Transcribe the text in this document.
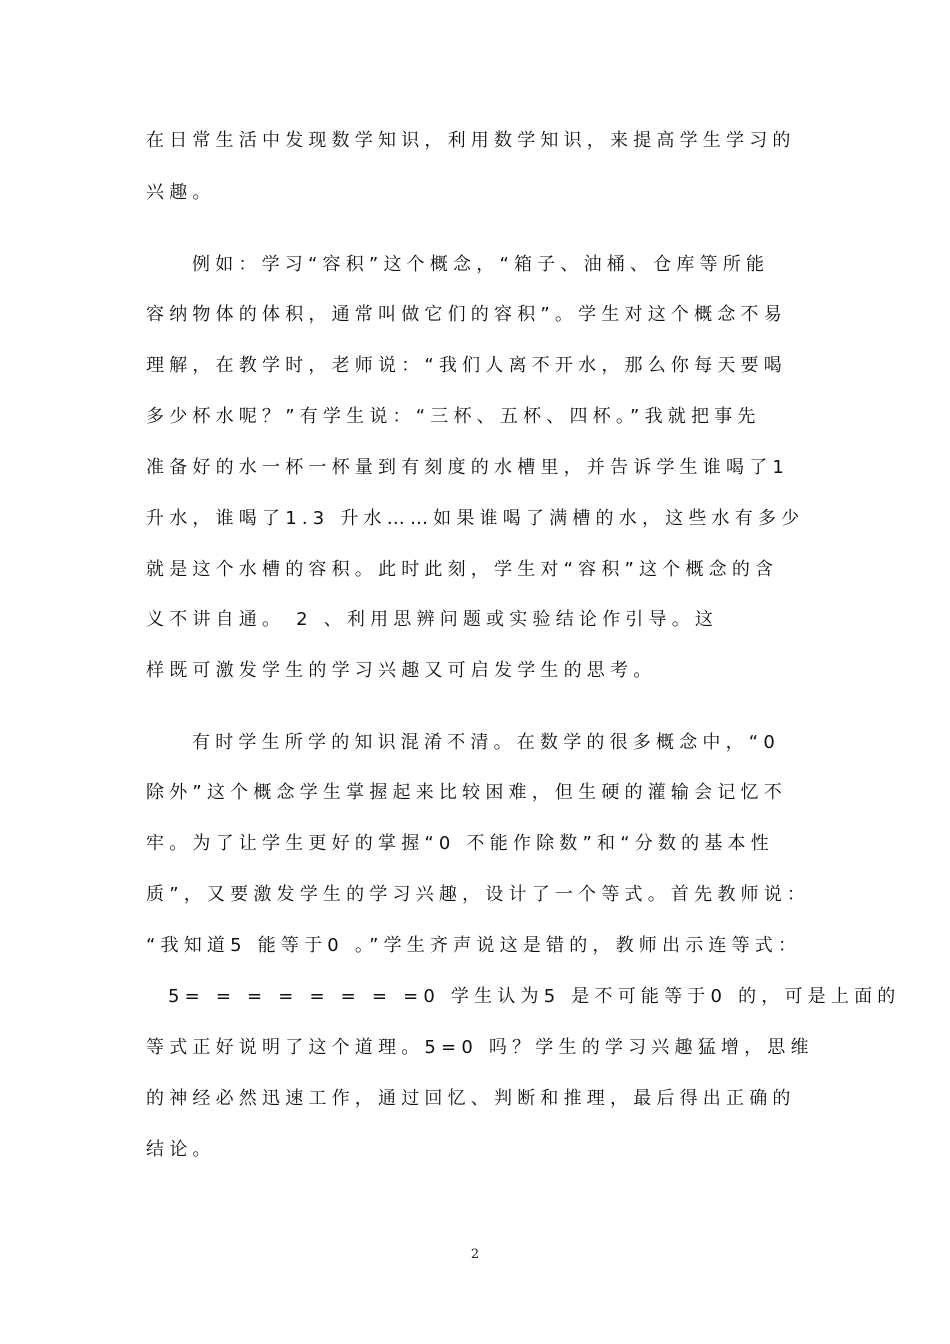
在日常生活中发现数学知识，利用数学知识，来提高学生学习的
兴趣。
例如：学习“容积”这个概念，“箱子、油桶、仓库等所能
容纳物体的体积，通常叫做它们的容积”。学生对这个概念不易
理解，在教学时，老师说：“我们人离不开水，那么你每天要喝
多少杯水呢？”有学生说：“三杯、五杯、四杯。”我就把事先
准备好的水一杯一杯量到有刻度的水槽里，并告诉学生谁喝了1
升水，谁喝了1.3 升水……如果谁喝了满槽的水，这些水有多少
就是这个水槽的容积。此时此刻，学生对“容积”这个概念的含
义不讲自通。 2 、利用思辨问题或实验结论作引导。这
样既可激发学生的学习兴趣又可启发学生的思考。
有时学生所学的知识混淆不清。在数学的很多概念中，“0
除外”这个概念学生掌握起来比较困难，但生硬的灌输会记忆不
牢。为了让学生更好的掌握“0 不能作除数”和“分数的基本性
质”，又要激发学生的学习兴趣，设计了一个等式。首先教师说：
“我知道5 能等于0 。”学生齐声说这是错的，教师出示连等式：
5= = = = = = = =0 学生认为5 是不可能等于0 的，可是上面的
等式正好说明了这个道理。5=0 吗？学生的学习兴趣猛增，思维
的神经必然迅速工作，通过回忆、判断和推理，最后得出正确的
结论。
2
